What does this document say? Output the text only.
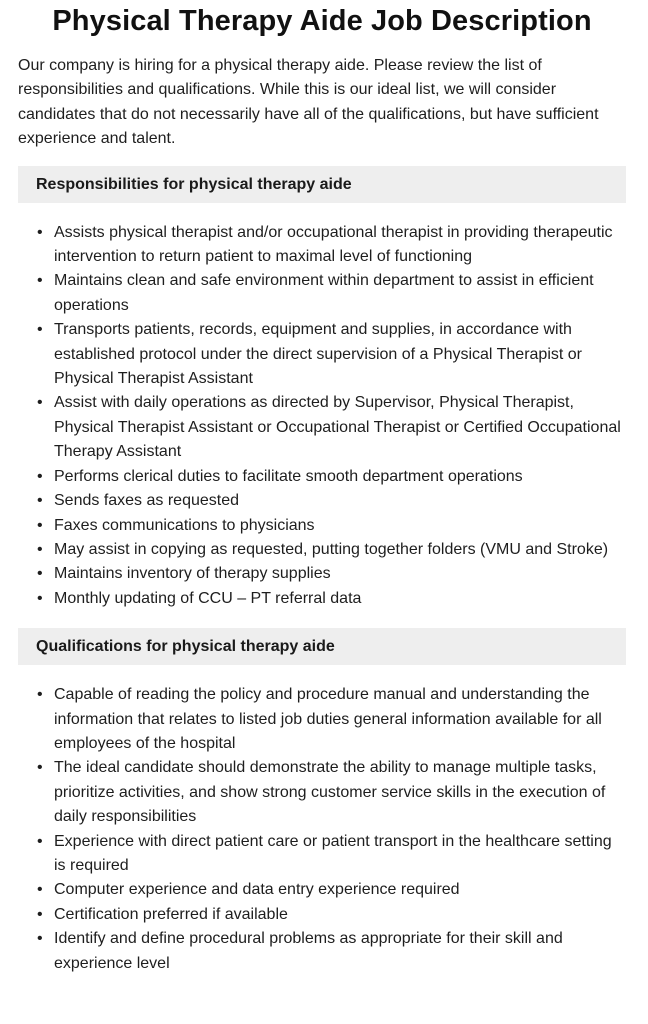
Physical Therapy Aide Job Description

Our company is hiring for a physical therapy aide. Please review the list of responsibilities and qualifications. While this is our ideal list, we will consider candidates that do not necessarily have all of the qualifications, but have sufficient experience and talent.

Responsibilities for physical therapy aide
• Assists physical therapist and/or occupational therapist in providing therapeutic intervention to return patient to maximal level of functioning
• Maintains clean and safe environment within department to assist in efficient operations
• Transports patients, records, equipment and supplies, in accordance with established protocol under the direct supervision of a Physical Therapist or Physical Therapist Assistant
• Assist with daily operations as directed by Supervisor, Physical Therapist, Physical Therapist Assistant or Occupational Therapist or Certified Occupational Therapy Assistant
• Performs clerical duties to facilitate smooth department operations
• Sends faxes as requested
• Faxes communications to physicians
• May assist in copying as requested, putting together folders (VMU and Stroke)
• Maintains inventory of therapy supplies
• Monthly updating of CCU – PT referral data
Qualifications for physical therapy aide
• Capable of reading the policy and procedure manual and understanding the information that relates to listed job duties general information available for all employees of the hospital
• The ideal candidate should demonstrate the ability to manage multiple tasks, prioritize activities, and show strong customer service skills in the execution of daily responsibilities
• Experience with direct patient care or patient transport in the healthcare setting is required
• Computer experience and data entry experience required
• Certification preferred if available
• Identify and define procedural problems as appropriate for their skill and experience level
